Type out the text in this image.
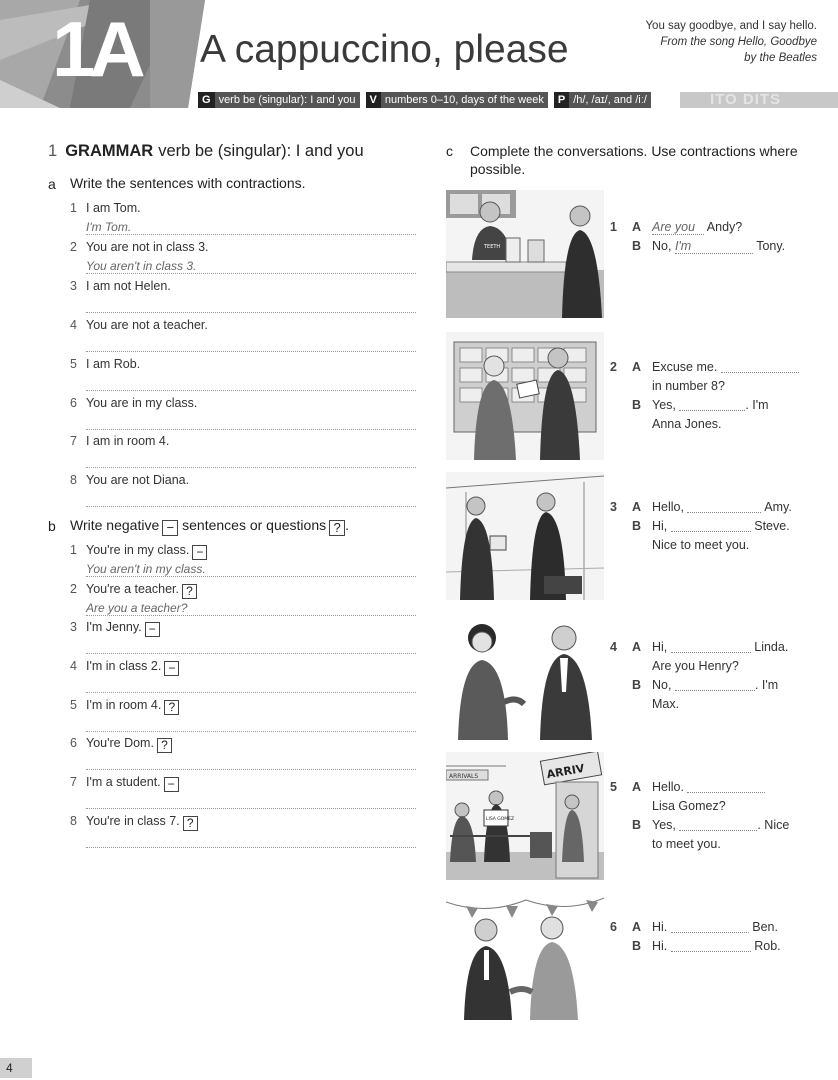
1A A cappuccino, please
You say goodbye, and I say hello.
From the song Hello, Goodbye
by the Beatles
G verb be (singular): I and you	V numbers 0–10, days of the week	P /h/, /aɪ/, and /iː/	ITO DITS
1 GRAMMAR verb be (singular): I and you
a Write the sentences with contractions.
1 I am Tom.
I'm Tom.
2 You are not in class 3.
You aren't in class 3.
3 I am not Helen.
4 You are not a teacher.
5 I am Rob.
6 You are in my class.
7 I am in room 4.
8 You are not Diana.
b Write negative − sentences or questions ? .
1 You're in my class. −
You aren't in my class.
2 You're a teacher. ?
Are you a teacher?
3 I'm Jenny. −
4 I'm in class 2. −
5 I'm in room 4. ?
6 You're Dom. ?
7 I'm a student. −
8 You're in class 7. ?
c Complete the conversations. Use contractions where possible.
TEETH
1	A Are you Andy?
B No, I'm	Tony.
2	A Excuse me.
in number 8?
B Yes,	. I'm
Anna Jones.
3	A Hello,	Amy.
B Hi,	Steve.
Nice to meet you.
4	A Hi,	Linda.
Are you Henry?
B No,	. I'm
Max.
ARRIVALS	ARRIV
LISA GOMEZ
5	A Hello.
Lisa Gomez?
B Yes,	. Nice
to meet you.
6	A Hi.	Ben.
B Hi.	Rob.
4
